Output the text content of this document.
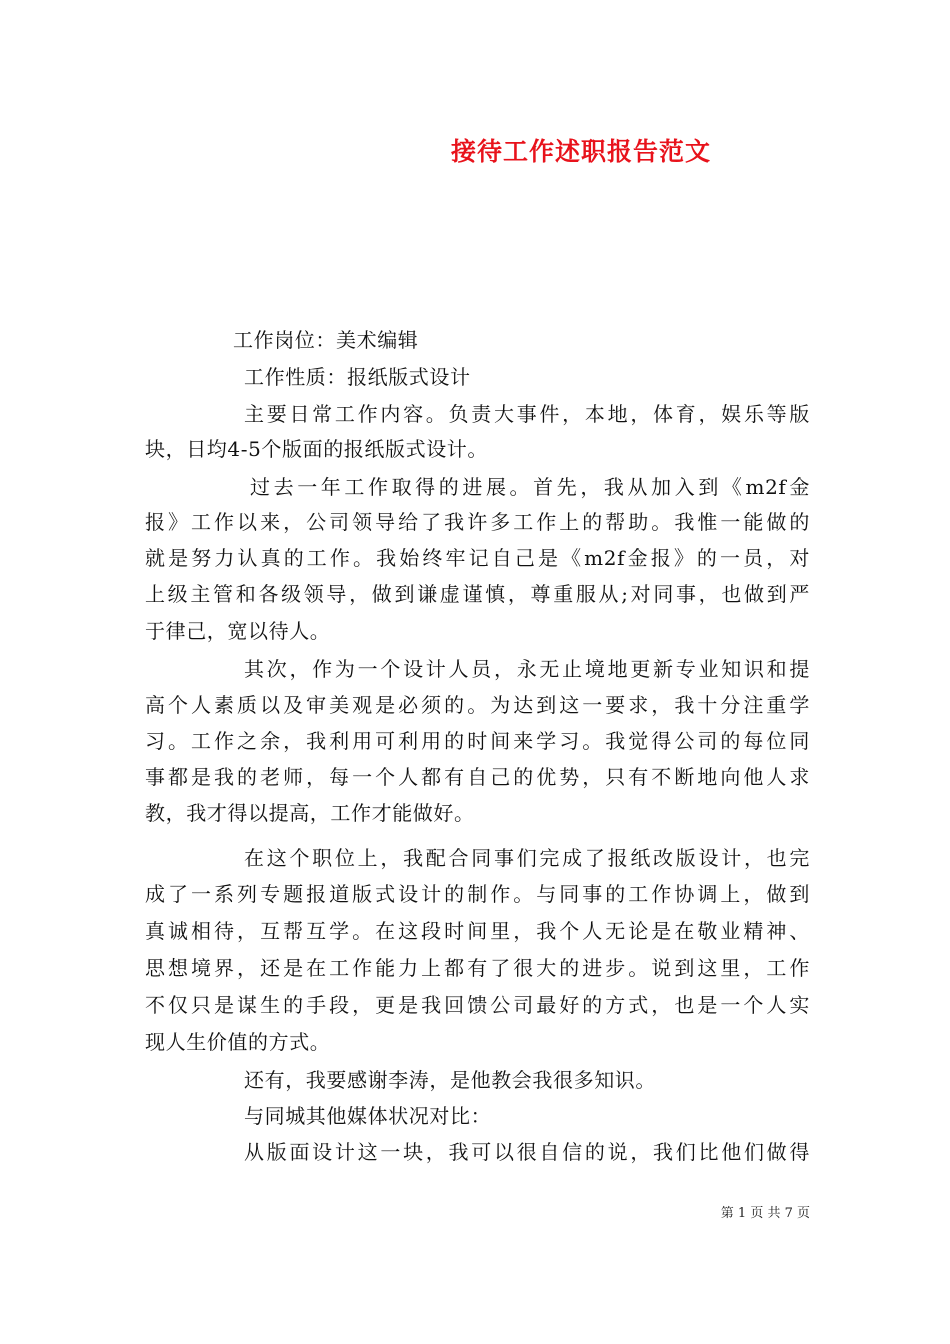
接待工作述职报告范文
工作岗位：美术编辑
工作性质：报纸版式设计
主要日常工作内容。负责大事件，本地，体育，娱乐等版
块，日均4-5个版面的报纸版式设计。
过去一年工作取得的进展。首先，我从加入到《m2f金
报》工作以来，公司领导给了我许多工作上的帮助。我惟一能做的
就是努力认真的工作。我始终牢记自己是《m2f金报》的一员，对
上级主管和各级领导，做到谦虚谨慎，尊重服从;对同事，也做到严
于律己，宽以待人。
其次，作为一个设计人员，永无止境地更新专业知识和提
高个人素质以及审美观是必须的。为达到这一要求，我十分注重学
习。工作之余，我利用可利用的时间来学习。我觉得公司的每位同
事都是我的老师，每一个人都有自己的优势，只有不断地向他人求
教，我才得以提高，工作才能做好。
在这个职位上，我配合同事们完成了报纸改版设计，也完
成了一系列专题报道版式设计的制作。与同事的工作协调上，做到
真诚相待，互帮互学。在这段时间里，我个人无论是在敬业精神、
思想境界，还是在工作能力上都有了很大的进步。说到这里，工作
不仅只是谋生的手段，更是我回馈公司最好的方式，也是一个人实
现人生价值的方式。
还有，我要感谢李涛，是他教会我很多知识。
与同城其他媒体状况对比：
从版面设计这一块，我可以很自信的说，我们比他们做得
第 1 页 共 7 页
